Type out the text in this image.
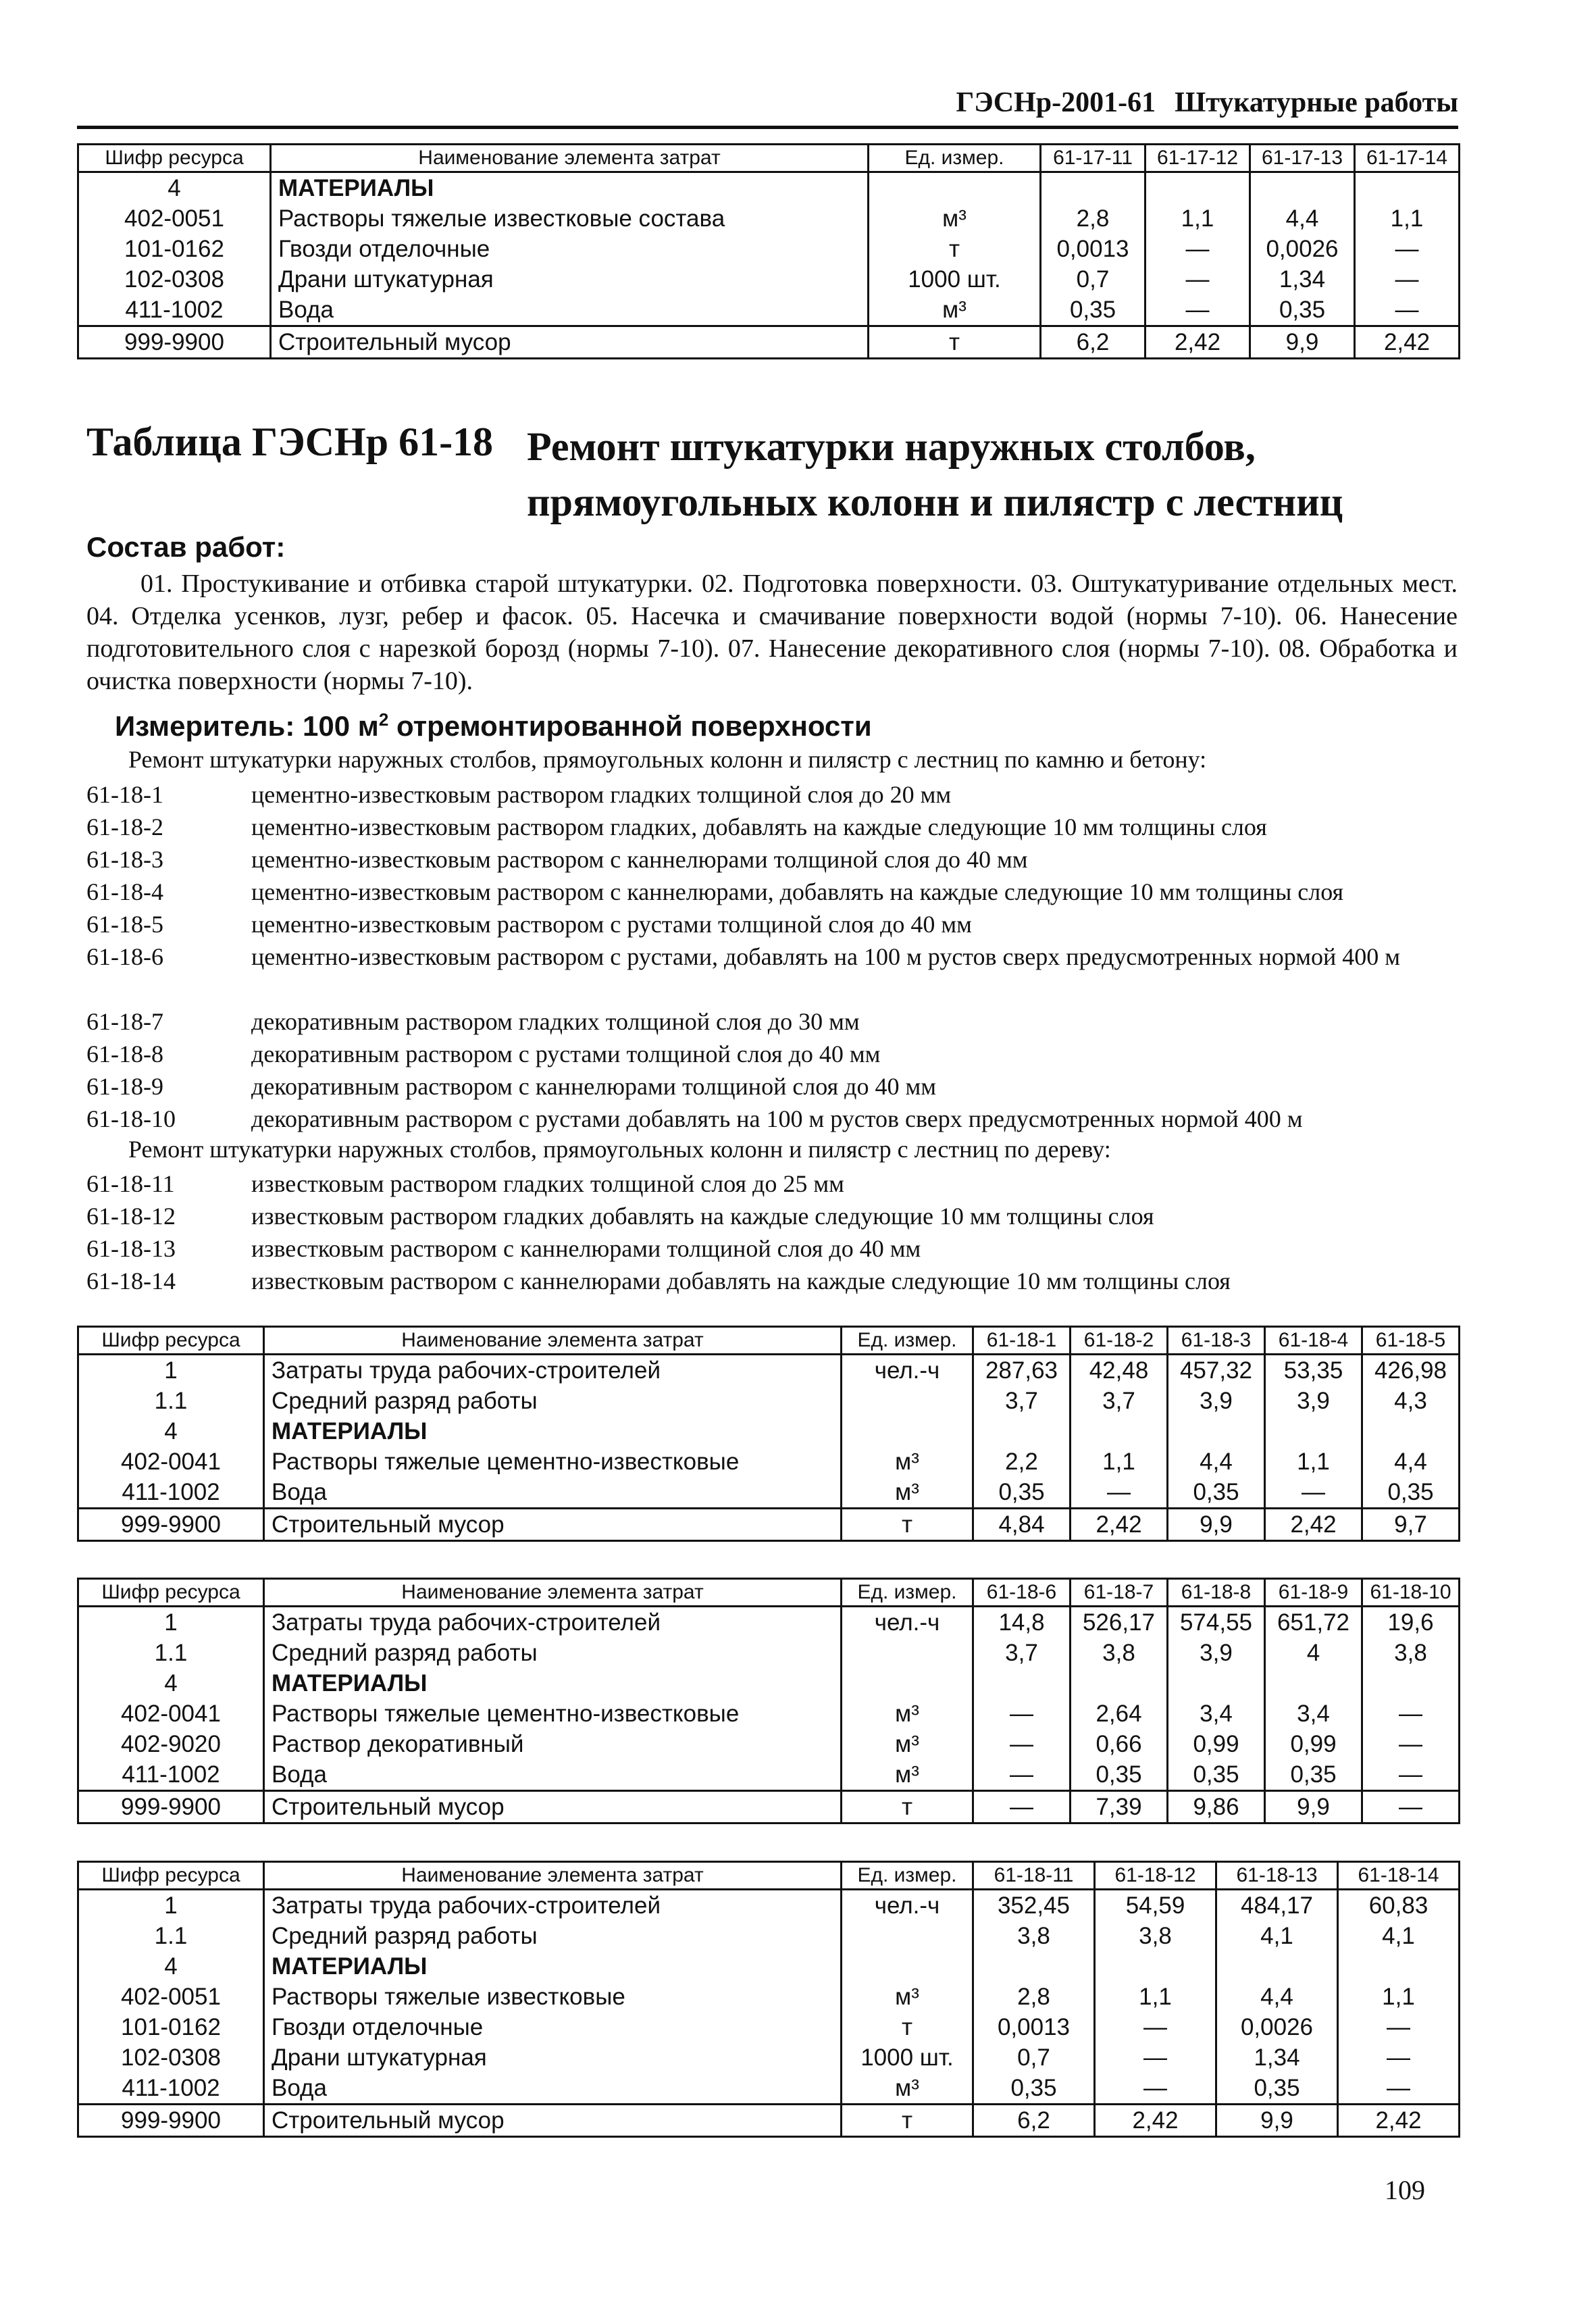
ГЭСНр-2001-61 Штукатурные работы
Шифр ресурса	Наименование элемента затрат	Ед. измер.	61-17-11	61-17-12	61-17-13	61-17-14
4	МАТЕРИАЛЫ					
402-0051	Растворы тяжелые известковые состава	м³	2,8	1,1	4,4	1,1
101-0162	Гвозди отделочные	т	0,0013	—	0,0026	—
102-0308	Драни штукатурная	1000 шт.	0,7	—	1,34	—
411-1002	Вода	м³	0,35	—	0,35	—
999-9900	Строительный мусор	т	6,2	2,42	9,9	2,42
Таблица ГЭСНр 61-18 Ремонт штукатурки наружных столбов, прямоугольных колонн и пилястр с лестниц
Состав работ:
01. Простукивание и отбивка старой штукатурки. 02. Подготовка поверхности. 03. Оштукатуривание отдельных мест. 04. Отделка усенков, лузг, ребер и фасок. 05. Насечка и смачивание поверхности водой (нормы 7-10). 06. Нанесение подготовительного слоя с нарезкой борозд (нормы 7-10). 07. Нанесение декоративного слоя (нормы 7-10). 08. Обработка и очистка поверхности (нормы 7-10).
Измеритель: 100 $м^2$ отремонтированной поверхности
Ремонт штукатурки наружных столбов, прямоугольных колонн и пилястр с лестниц по камню и бетону:
61-18-1	цементно-известковым раствором гладких толщиной слоя до 20 мм
61-18-2	цементно-известковым раствором гладких, добавлять на каждые следующие 10 мм толщины слоя
61-18-3	цементно-известковым раствором с каннелюрами толщиной слоя до 40 мм
61-18-4	цементно-известковым раствором с каннелюрами, добавлять на каждые следующие 10 мм толщины слоя
61-18-5	цементно-известковым раствором с рустами толщиной слоя до 40 мм
61-18-6	цементно-известковым раствором с рустами, добавлять на 100 м рустов сверх предусмотренных нормой 400 м
61-18-7	декоративным раствором гладких толщиной слоя до 30 мм
61-18-8	декоративным раствором с рустами толщиной слоя до 40 мм
61-18-9	декоративным раствором с каннелюрами толщиной слоя до 40 мм
61-18-10	декоративным раствором с рустами добавлять на 100 м рустов сверх предусмотренных нормой 400 м
Ремонт штукатурки наружных столбов, прямоугольных колонн и пилястр с лестниц по дереву:
61-18-11	известковым раствором гладких толщиной слоя до 25 мм
61-18-12	известковым раствором гладких добавлять на каждые следующие 10 мм толщины слоя
61-18-13	известковым раствором с каннелюрами толщиной слоя до 40 мм
61-18-14	известковым раствором с каннелюрами добавлять на каждые следующие 10 мм толщины слоя
Шифр ресурса	Наименование элемента затрат	Ед. измер.	61-18-1	61-18-2	61-18-3	61-18-4	61-18-5
1	Затраты труда рабочих-строителей	чел.-ч	287,63	42,48	457,32	53,35	426,98
1.1	Средний разряд работы		3,7	3,7	3,9	3,9	4,3
4	МАТЕРИАЛЫ						
402-0041	Растворы тяжелые цементно-известковые	м³	2,2	1,1	4,4	1,1	4,4
411-1002	Вода	м³	0,35	—	0,35	—	0,35
999-9900	Строительный мусор	т	4,84	2,42	9,9	2,42	9,7
Шифр ресурса	Наименование элемента затрат	Ед. измер.	61-18-6	61-18-7	61-18-8	61-18-9	61-18-10
1	Затраты труда рабочих-строителей	чел.-ч	14,8	526,17	574,55	651,72	19,6
1.1	Средний разряд работы		3,7	3,8	3,9	4	3,8
4	МАТЕРИАЛЫ						
402-0041	Растворы тяжелые цементно-известковые	м³	—	2,64	3,4	3,4	—
402-9020	Раствор декоративный	м³	—	0,66	0,99	0,99	—
411-1002	Вода	м³	—	0,35	0,35	0,35	—
999-9900	Строительный мусор	т	—	7,39	9,86	9,9	—
Шифр ресурса	Наименование элемента затрат	Ед. измер.	61-18-11	61-18-12	61-18-13	61-18-14
1	Затраты труда рабочих-строителей	чел.-ч	352,45	54,59	484,17	60,83
1.1	Средний разряд работы		3,8	3,8	4,1	4,1
4	МАТЕРИАЛЫ					
402-0051	Растворы тяжелые известковые	м³	2,8	1,1	4,4	1,1
101-0162	Гвозди отделочные	т	0,0013	—	0,0026	—
102-0308	Драни штукатурная	1000 шт.	0,7	—	1,34	—
411-1002	Вода	м³	0,35	—	0,35	—
999-9900	Строительный мусор	т	6,2	2,42	9,9	2,42
109
